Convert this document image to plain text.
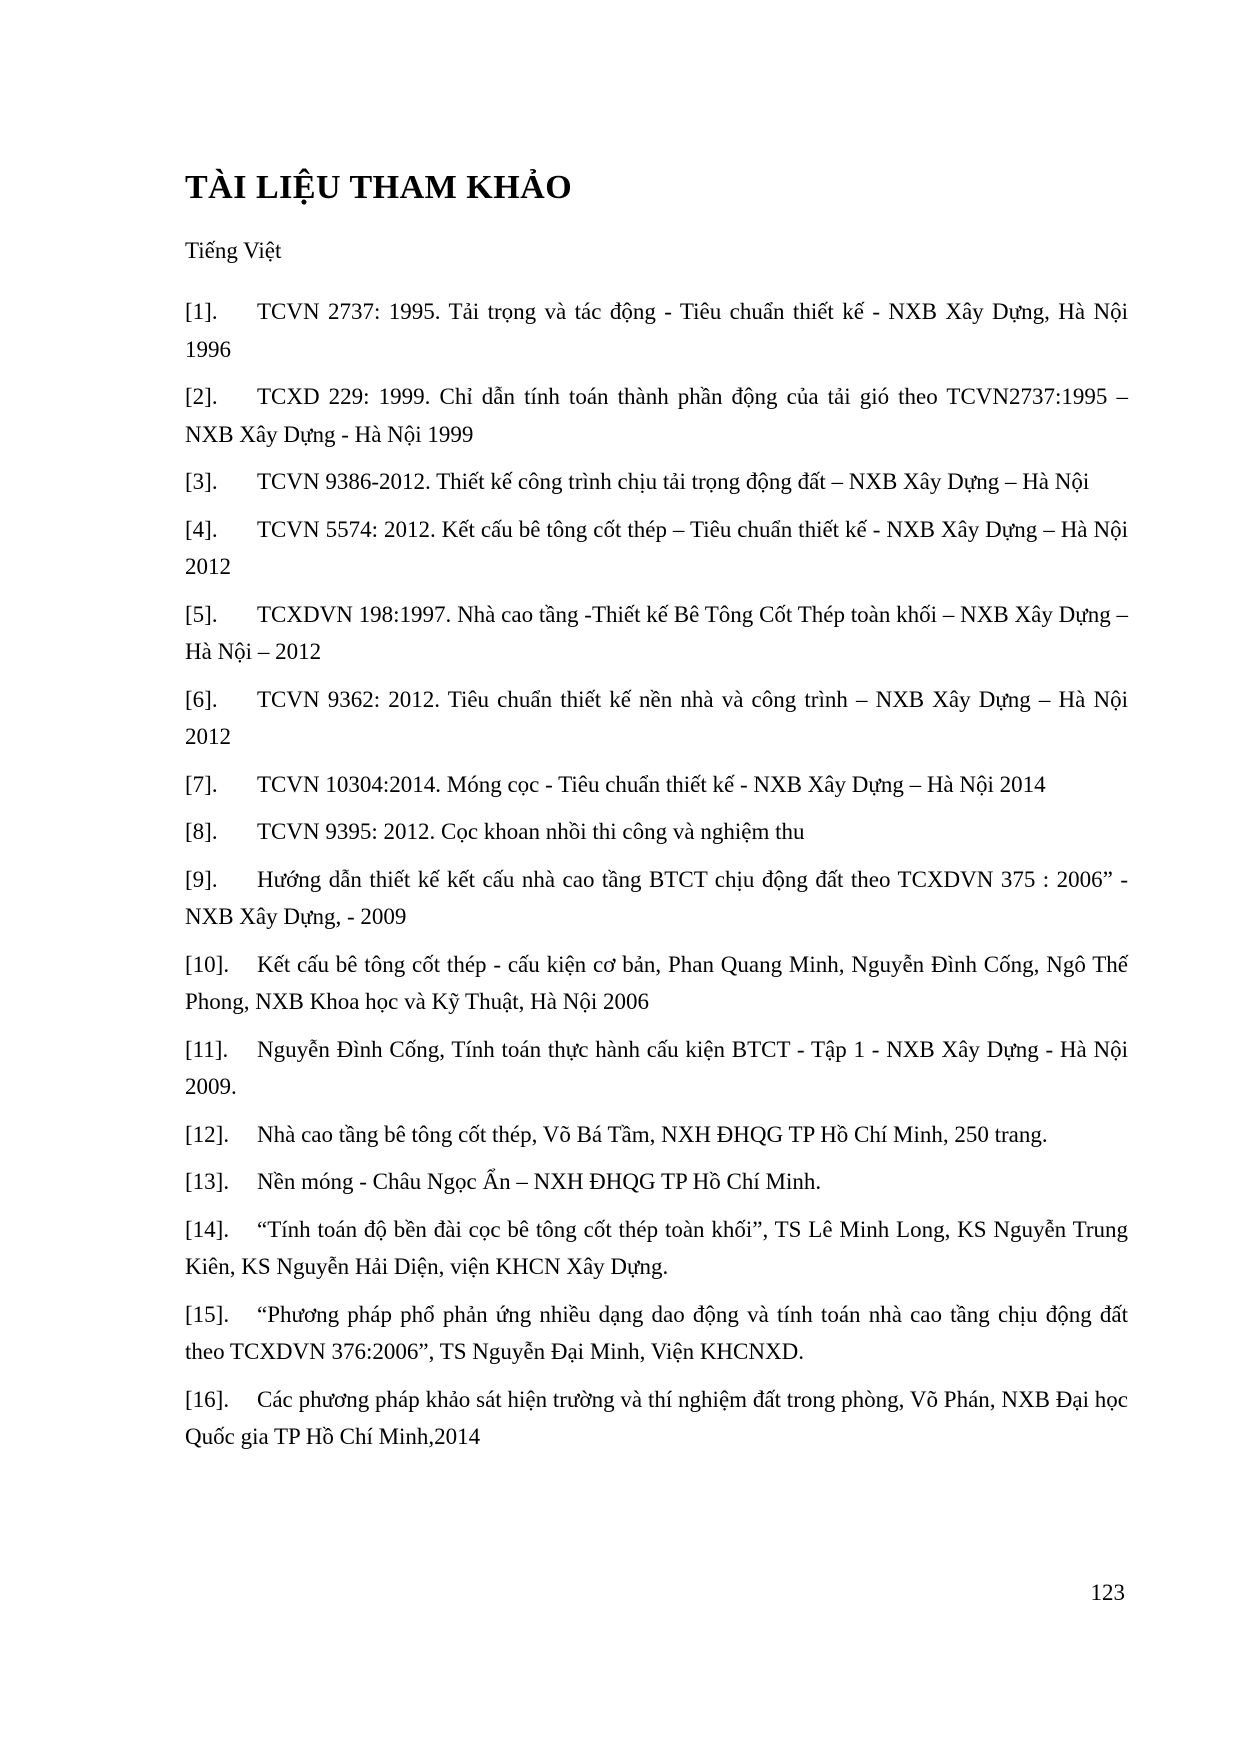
TÀI LIỆU THAM KHẢO

Tiếng Việt

[1]. TCVN 2737: 1995. Tải trọng và tác động - Tiêu chuẩn thiết kế - NXB Xây Dựng, Hà Nội 1996

[2]. TCXD 229: 1999. Chỉ dẫn tính toán thành phần động của tải gió theo TCVN2737:1995 – NXB Xây Dựng - Hà Nội 1999

[3]. TCVN 9386-2012. Thiết kế công trình chịu tải trọng động đất – NXB Xây Dựng – Hà Nội

[4]. TCVN 5574: 2012. Kết cấu bê tông cốt thép – Tiêu chuẩn thiết kế - NXB Xây Dựng – Hà Nội 2012

[5]. TCXDVN 198:1997. Nhà cao tầng -Thiết kế Bê Tông Cốt Thép toàn khối – NXB Xây Dựng – Hà Nội – 2012

[6]. TCVN 9362: 2012. Tiêu chuẩn thiết kế nền nhà và công trình – NXB Xây Dựng – Hà Nội 2012

[7]. TCVN 10304:2014. Móng cọc - Tiêu chuẩn thiết kế - NXB Xây Dựng – Hà Nội 2014

[8]. TCVN 9395: 2012. Cọc khoan nhồi thi công và nghiệm thu

[9]. Hướng dẫn thiết kế kết cấu nhà cao tầng BTCT chịu động đất theo TCXDVN 375 : 2006” - NXB Xây Dựng, - 2009

[10]. Kết cấu bê tông cốt thép - cấu kiện cơ bản, Phan Quang Minh, Nguyễn Đình Cống, Ngô Thế Phong, NXB Khoa học và Kỹ Thuật, Hà Nội 2006

[11]. Nguyễn Đình Cống, Tính toán thực hành cấu kiện BTCT - Tập 1 - NXB Xây Dựng - Hà Nội 2009.

[12]. Nhà cao tầng bê tông cốt thép, Võ Bá Tầm, NXH ĐHQG TP Hồ Chí Minh, 250 trang.

[13]. Nền móng - Châu Ngọc Ẩn – NXH ĐHQG TP Hồ Chí Minh.

[14]. “Tính toán độ bền đài cọc bê tông cốt thép toàn khối”, TS Lê Minh Long, KS Nguyễn Trung Kiên, KS Nguyễn Hải Diện, viện KHCN Xây Dựng.

[15]. “Phương pháp phổ phản ứng nhiều dạng dao động và tính toán nhà cao tầng chịu động đất theo TCXDVN 376:2006”, TS Nguyễn Đại Minh, Viện KHCNXD.

[16]. Các phương pháp khảo sát hiện trường và thí nghiệm đất trong phòng, Võ Phán, NXB Đại học Quốc gia TP Hồ Chí Minh,2014

123
